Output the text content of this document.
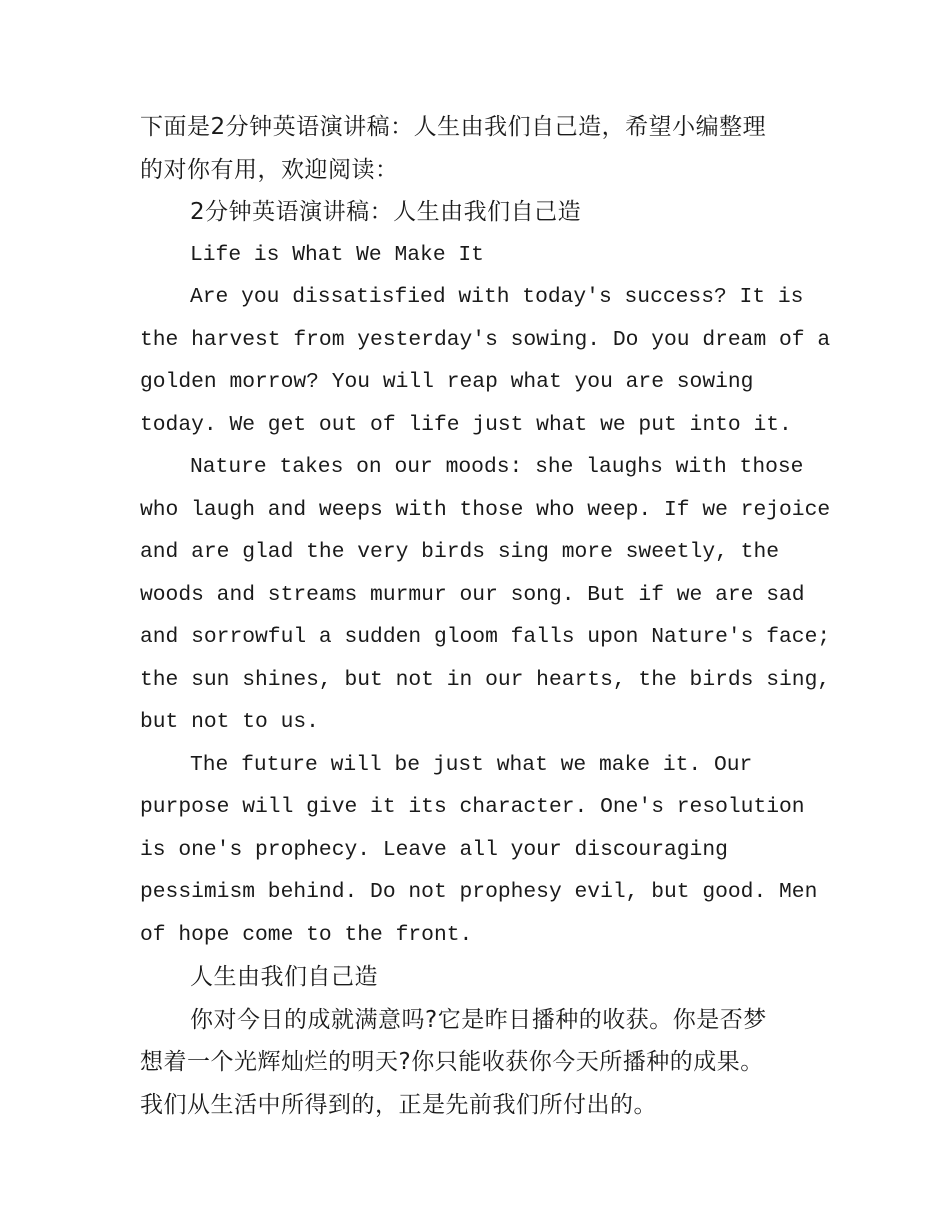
下面是2分钟英语演讲稿：人生由我们自己造，希望小编整理
的对你有用，欢迎阅读：
2分钟英语演讲稿：人生由我们自己造
Life is What We Make It
Are you dissatisfied with today's success? It is
the harvest from yesterday's sowing. Do you dream of a
golden morrow? You will reap what you are sowing
today. We get out of life just what we put into it.
Nature takes on our moods: she laughs with those
who laugh and weeps with those who weep. If we rejoice
and are glad the very birds sing more sweetly, the
woods and streams murmur our song. But if we are sad
and sorrowful a sudden gloom falls upon Nature's face;
the sun shines, but not in our hearts, the birds sing,
but not to us.
The future will be just what we make it. Our
purpose will give it its character. One's resolution
is one's prophecy. Leave all your discouraging
pessimism behind. Do not prophesy evil, but good. Men
of hope come to the front.
人生由我们自己造
你对今日的成就满意吗?它是昨日播种的收获。你是否梦
想着一个光辉灿烂的明天?你只能收获你今天所播种的成果。
我们从生活中所得到的，正是先前我们所付出的。
